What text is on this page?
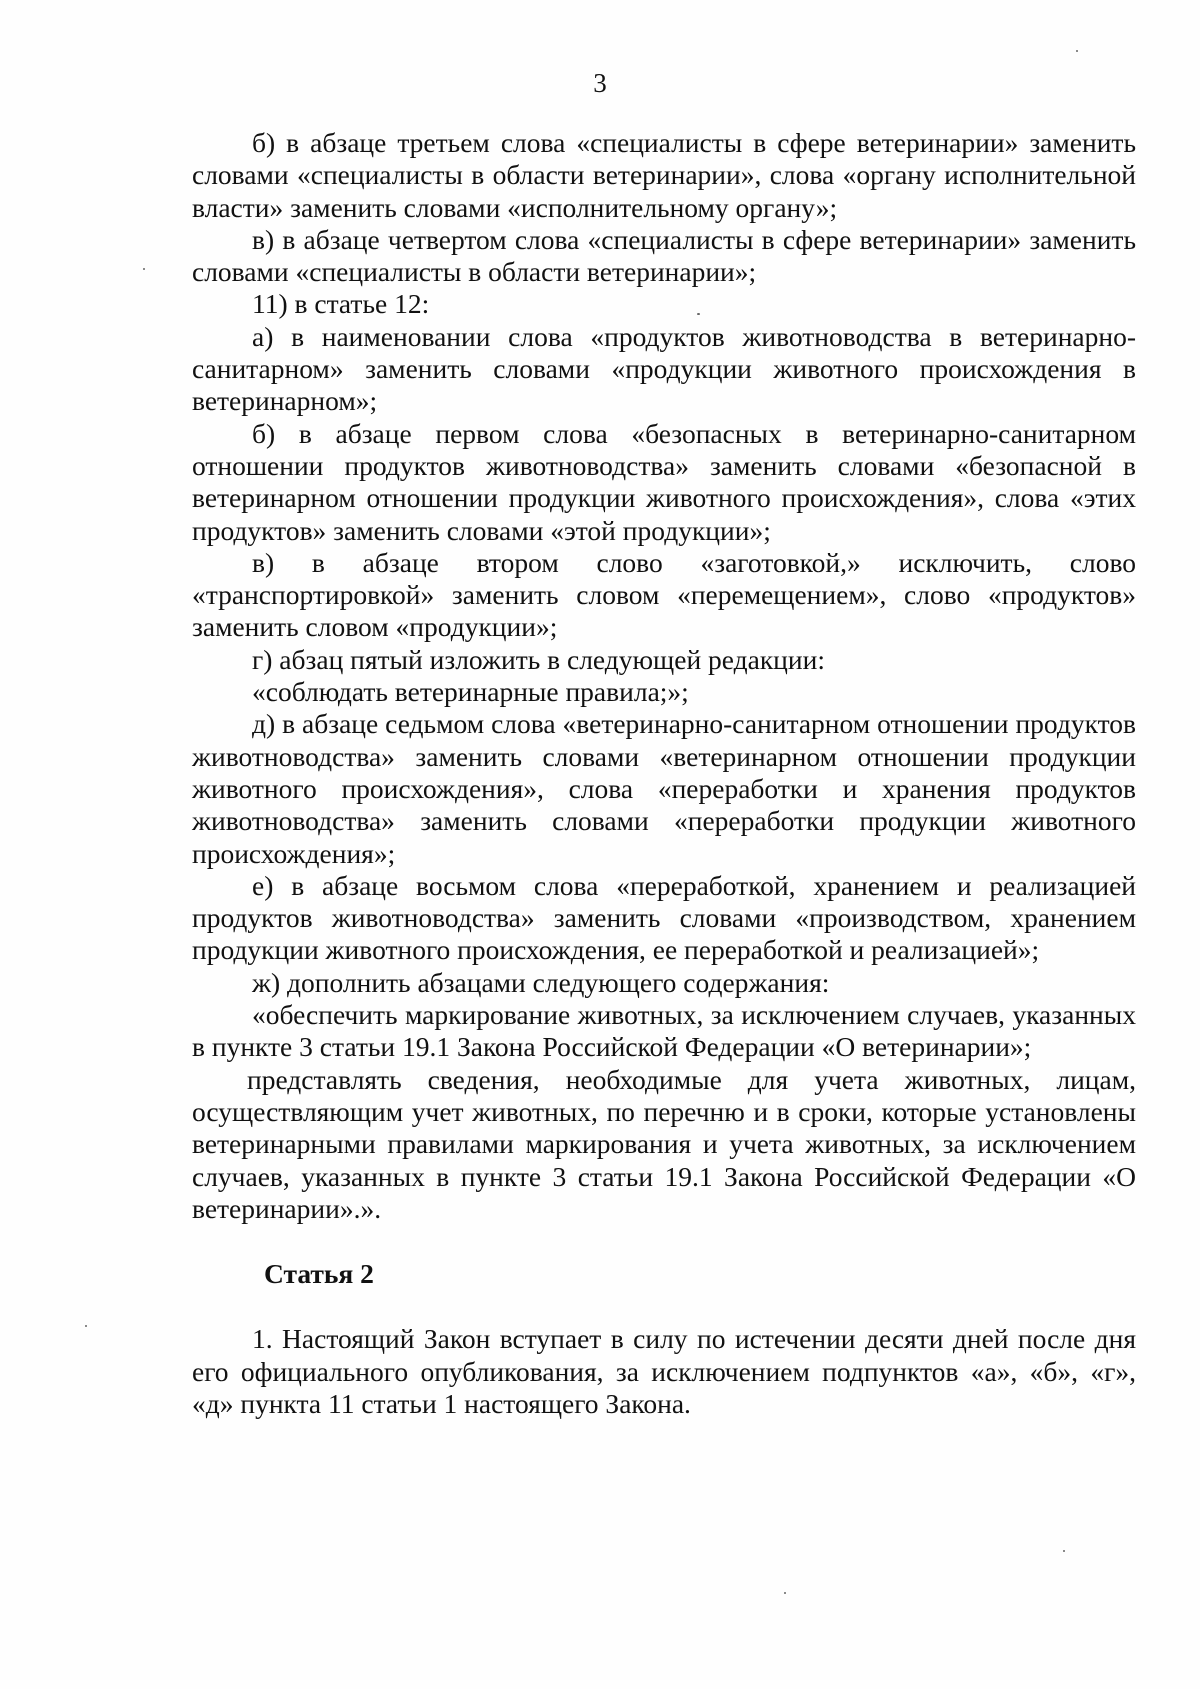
3

б) в абзаце третьем слова «специалисты в сфере ветеринарии» заменить словами «специалисты в области ветеринарии», слова «органу исполнительной власти» заменить словами «исполнительному органу»;

в) в абзаце четвертом слова «специалисты в сфере ветеринарии» заменить словами «специалисты в области ветеринарии»;

11) в статье 12:

а) в наименовании слова «продуктов животноводства в ветеринарно-санитарном» заменить словами «продукции животного происхождения в ветеринарном»;

б) в абзаце первом слова «безопасных в ветеринарно-санитарном отношении продуктов животноводства» заменить словами «безопасной в ветеринарном отношении продукции животного происхождения», слова «этих продуктов» заменить словами «этой продукции»;

в) в абзаце втором слово «заготовкой,» исключить, слово «транспортировкой» заменить словом «перемещением», слово «продуктов» заменить словом «продукции»;

г) абзац пятый изложить в следующей редакции:

«соблюдать ветеринарные правила;»;

д) в абзаце седьмом слова «ветеринарно-санитарном отношении продуктов животноводства» заменить словами «ветеринарном отношении продукции животного происхождения», слова «переработки и хранения продуктов животноводства» заменить словами «переработки продукции животного происхождения»;

е) в абзаце восьмом слова «переработкой, хранением и реализацией продуктов животноводства» заменить словами «производством, хранением продукции животного происхождения, ее переработкой и реализацией»;

ж) дополнить абзацами следующего содержания:

«обеспечить маркирование животных, за исключением случаев, указанных в пункте 3 статьи 19.1 Закона Российской Федерации «О ветеринарии»;

представлять сведения, необходимые для учета животных, лицам, осуществляющим учет животных, по перечню и в сроки, которые установлены ветеринарными правилами маркирования и учета животных, за исключением случаев, указанных в пункте 3 статьи 19.1 Закона Российской Федерации «О ветеринарии».».

Статья 2

1. Настоящий Закон вступает в силу по истечении десяти дней после дня его официального опубликования, за исключением подпунктов «а», «б», «г», «д» пункта 11 статьи 1 настоящего Закона.
